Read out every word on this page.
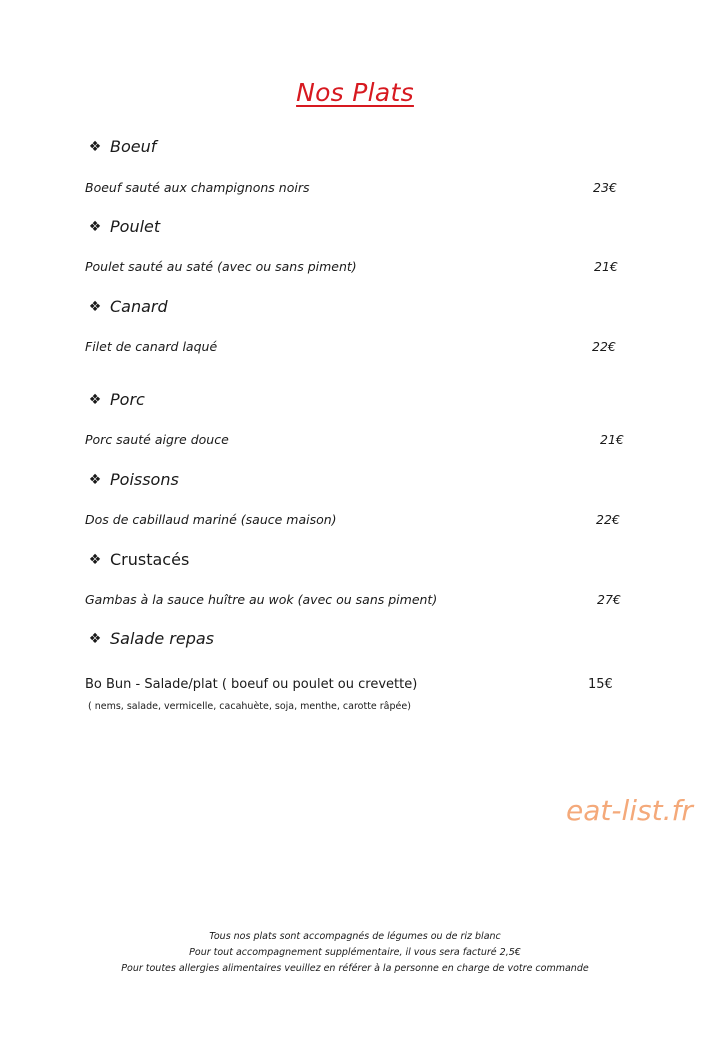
Nos Plats
❖ Boeuf
Boeuf sauté aux champignons noirs	23€
❖ Poulet
Poulet sauté au saté (avec ou sans piment)	21€
❖ Canard
Filet de canard laqué	22€
❖ Porc
Porc sauté aigre douce	21€
❖ Poissons
Dos de cabillaud mariné (sauce maison)	22€
❖ Crustacés
Gambas à la sauce huître au wok (avec ou sans piment)	27€
❖ Salade repas
Bo Bun - Salade/plat ( boeuf ou poulet ou crevette)	15€
( nems, salade, vermicelle, cacahuète, soja, menthe, carotte râpée)
eat-list.fr
Tous nos plats sont accompagnés de légumes ou de riz blanc
Pour tout accompagnement supplémentaire, il vous sera facturé 2,5€
Pour toutes allergies alimentaires veuillez en référer à la personne en charge de votre commande
